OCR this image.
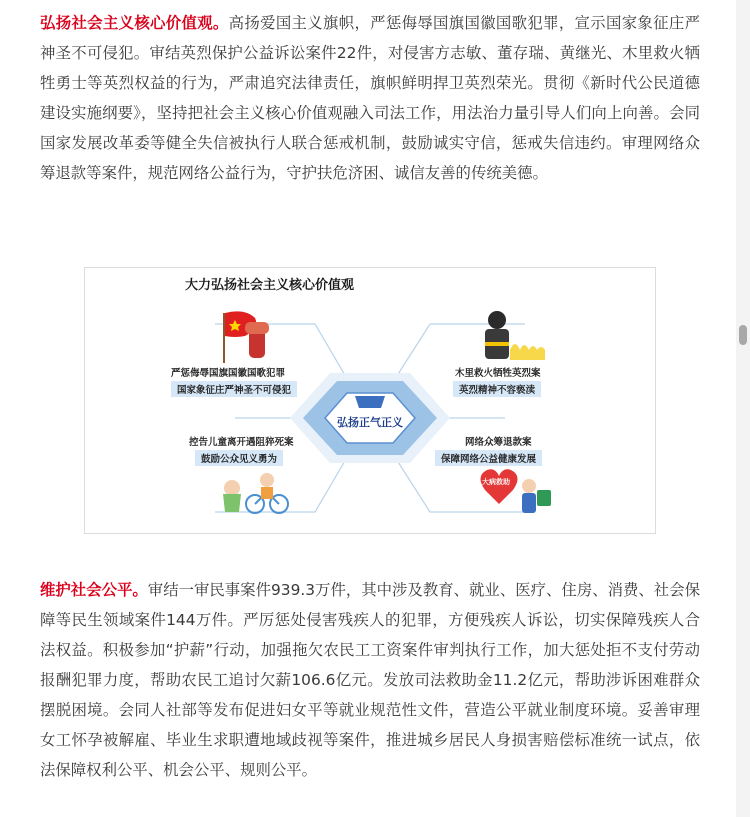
弘扬社会主义核心价值观。高扬爱国主义旗帜，严惩侮辱国旗国徽国歌犯罪，宣示国家象征庄严神圣不可侵犯。审结英烈保护公益诉讼案件22件，对侵害方志敏、董存瑞、黄继光、木里救火牺牲勇士等英烈权益的行为，严肃追究法律责任，旗帜鲜明捍卫英烈荣光。贯彻《新时代公民道德建设实施纲要》，坚持把社会主义核心价值观融入司法工作，用法治力量引导人们向上向善。会同国家发展改革委等健全失信被执行人联合惩戒机制，鼓励诚实守信，惩戒失信违约。审理网络众筹退款等案件，规范网络公益行为，守护扶危济困、诚信友善的传统美德。

大力弘扬社会主义核心价值观
弘扬正气正义
严惩侮辱国旗国徽国歌犯罪
国家象征庄严神圣不可侵犯
木里救火牺牲英烈案
英烈精神不容亵渎
控告儿童离开遇阻猝死案
鼓励公众见义勇为
网络众筹退款案
保障网络公益健康发展
大病救助

维护社会公平。审结一审民事案件939.3万件，其中涉及教育、就业、医疗、住房、消费、社会保障等民生领域案件144万件。严厉惩处侵害残疾人的犯罪，方便残疾人诉讼，切实保障残疾人合法权益。积极参加“护薪”行动，加强拖欠农民工工资案件审判执行工作，加大惩处拒不支付劳动报酬犯罪力度，帮助农民工追讨欠薪106.6亿元。发放司法救助金11.2亿元，帮助涉诉困难群众摆脱困境。会同人社部等发布促进妇女平等就业规范性文件，营造公平就业制度环境。妥善审理女工怀孕被解雇、毕业生求职遭地域歧视等案件，推进城乡居民人身损害赔偿标准统一试点，依法保障权利公平、机会公平、规则公平。
